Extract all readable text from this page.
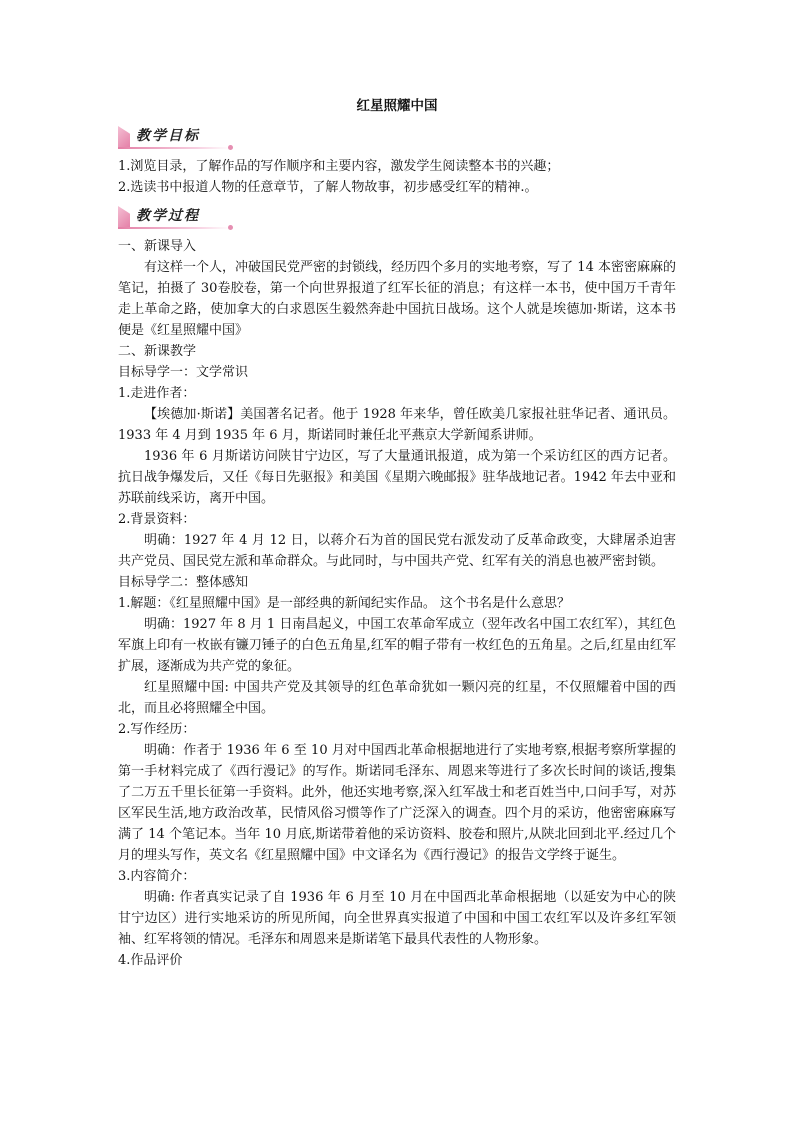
红星照耀中国
教学目标

1.浏览目录，了解作品的写作顺序和主要内容，激发学生阅读整本书的兴趣；

2.选读书中报道人物的任意章节，了解人物故事，初步感受红军的精神.。

教学过程

一、新课导入

有这样一个人，冲破国民党严密的封锁线，经历四个多月的实地考察，写了 14 本密密麻麻的笔记，拍摄了 30卷胶卷，第一个向世界报道了红军长征的消息；有这样一本书，使中国万千青年走上革命之路，使加拿大的白求恩医生毅然奔赴中国抗日战场。这个人就是埃德加·斯诺，这本书便是《红星照耀中国》

二、新课教学

目标导学一：文学常识

1.走进作者：

【埃德加·斯诺】美国著名记者。他于 1928 年来华，曾任欧美几家报社驻华记者、通讯员。1933 年 4 月到 1935 年 6 月，斯诺同时兼任北平燕京大学新闻系讲师。

1936 年 6 月斯诺访问陕甘宁边区，写了大量通讯报道，成为第一个采访红区的西方记者。抗日战争爆发后，又任《每日先驱报》和美国《星期六晚邮报》驻华战地记者。1942 年去中亚和苏联前线采访，离开中国。

2.背景资料：

明确：1927 年 4 月 12 日，以蒋介石为首的国民党右派发动了反革命政变，大肆屠杀迫害共产党员、国民党左派和革命群众。与此同时，与中国共产党、红军有关的消息也被严密封锁。

目标导学二：整体感知

1.解题：《红星照耀中国》是一部经典的新闻纪实作品。 这个书名是什么意思？

明确：1927 年 8 月 1 日南昌起义，中国工农革命军成立（翌年改名中国工农红军），其红色军旗上印有一枚嵌有镰刀锤子的白色五角星,红军的帽子带有一枚红色的五角星。之后,红星由红军扩展，逐渐成为共产党的象征。

红星照耀中国: 中国共产党及其领导的红色革命犹如一颗闪亮的红星，不仅照耀着中国的西北，而且必将照耀全中国。

2.写作经历：

明确：作者于 1936 年 6 至 10 月对中国西北革命根据地进行了实地考察,根据考察所掌握的第一手材料完成了《西行漫记》的写作。斯诺同毛泽东、周恩来等进行了多次长时间的谈话,搜集了二万五千里长征第一手资料。此外，他还实地考察,深入红军战士和老百姓当中,口问手写，对苏区军民生活,地方政治改革，民情风俗习惯等作了广泛深入的调查。四个月的采访，他密密麻麻写满了 14 个笔记本。当年 10 月底,斯诺带着他的采访资料、胶卷和照片,从陕北回到北平.经过几个月的埋头写作，英文名《红星照耀中国》中文译名为《西行漫记》的报告文学终于诞生。

3.内容简介：

明确: 作者真实记录了自 1936 年 6 月至 10 月在中国西北革命根据地（以延安为中心的陕甘宁边区）进行实地采访的所见所闻，向全世界真实报道了中国和中国工农红军以及许多红军领袖、红军将领的情况。毛泽东和周恩来是斯诺笔下最具代表性的人物形象。

4.作品评价
